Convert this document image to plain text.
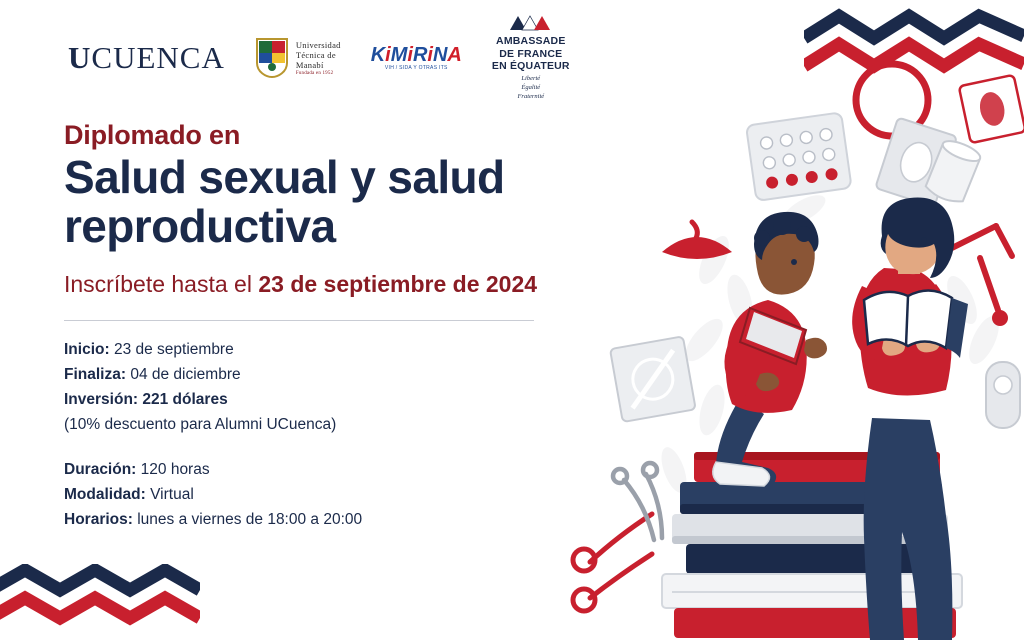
UCUENCA	Universidad
Técnica de
Manabí
Fundada en 1952
KiMiRiNA
VIH / SIDA Y OTRAS ITS
AMBASSADE
DE FRANCE
EN ÉQUATEUR
Liberté
Égalité
Fraternité
Diplomado en
Salud sexual y salud
reproductiva
Inscríbete hasta el 23 de septiembre de 2024
Inicio: 23 de septiembre
Finaliza: 04 de diciembre
Inversión: 221 dólares
(10% descuento para Alumni UCuenca)
Duración: 120 horas
Modalidad: Virtual
Horarios: lunes a viernes de 18:00 a 20:00
